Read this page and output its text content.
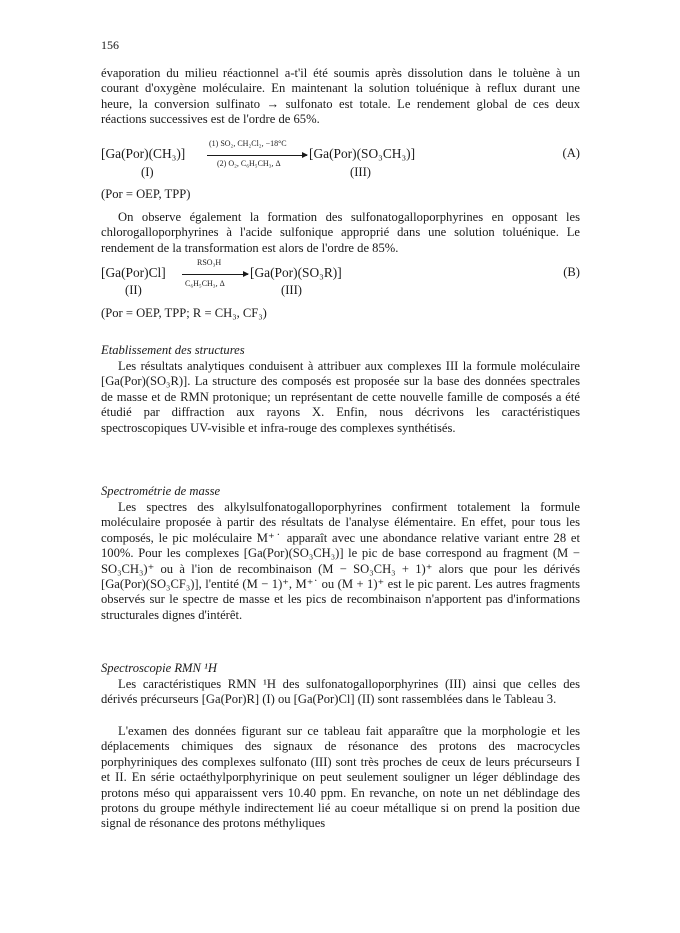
156

évaporation du milieu réactionnel a-t'il été soumis après dissolution dans le toluène à un courant d'oxygène moléculaire. En maintenant la solution toluénique à reflux durant une heure, la conversion sulfinato → sulfonato est totale. Le rendement global de ces deux réactions successives est de l'ordre de 65%.

[Ga(Por)(CH₃)]
(I)
(1) SO₂, CH₂Cl₂, −18°C
(2) O₂, C₆H₅CH₃, Δ
[Ga(Por)(SO₃CH₃)]
(III)
(A)
(Por = OEP, TPP)

On observe également la formation des sulfonatogalloporphyrines en opposant les chlorogalloporphyrines à l'acide sulfonique approprié dans une solution toluénique. Le rendement de la transformation est alors de l'ordre de 85%.

[Ga(Por)Cl]
(II)
RSO₃H
C₆H₅CH₃, Δ
[Ga(Por)(SO₃R)]
(III)
(B)
(Por = OEP, TPP; R = CH₃, CF₃)
Etablissement des structures

Les résultats analytiques conduisent à attribuer aux complexes III la formule moléculaire [Ga(Por)(SO₃R)]. La structure des composés est proposée sur la base des données spectrales de masse et de RMN protonique; un représentant de cette nouvelle famille de composés a été étudié par diffraction aux rayons X. Enfin, nous décrivons les caractéristiques spectroscopiques UV-visible et infra-rouge des complexes synthétisés.

Spectrométrie de masse

Les spectres des alkylsulfonatogalloporphyrines confirment totalement la formule moléculaire proposée à partir des résultats de l'analyse élémentaire. En effet, pour tous les composés, le pic moléculaire M⁺˙ apparaît avec une abondance relative variant entre 28 et 100%. Pour les complexes [Ga(Por)(SO₃CH₃)] le pic de base correspond au fragment (M − SO₃CH₃)⁺ ou à l'ion de recombinaison (M − SO₃CH₃ + 1)⁺ alors que pour les dérivés [Ga(Por)(SO₃CF₃)], l'entité (M − 1)⁺, M⁺˙ ou (M + 1)⁺ est le pic parent. Les autres fragments observés sur le spectre de masse et les pics de recombinaison n'apportent pas d'informations structurales dignes d'intérêt.

Spectroscopie RMN ¹H

Les caractéristiques RMN ¹H des sulfonatogalloporphyrines (III) ainsi que celles des dérivés précurseurs [Ga(Por)R] (I) ou [Ga(Por)Cl] (II) sont rassemblées dans le Tableau 3.

L'examen des données figurant sur ce tableau fait apparaître que la morphologie et les déplacements chimiques des signaux de résonance des protons des macrocycles porphyriniques des complexes sulfonato (III) sont très proches de ceux de leurs précurseurs I et II. En série octaéthylporphyrinique on peut seulement souligner un léger déblindage des protons méso qui apparaissent vers 10.40 ppm. En revanche, on note un net déblindage des protons du groupe méthyle indirectement lié au coeur métallique si on prend la position due signal de résonance des protons méthyliques
